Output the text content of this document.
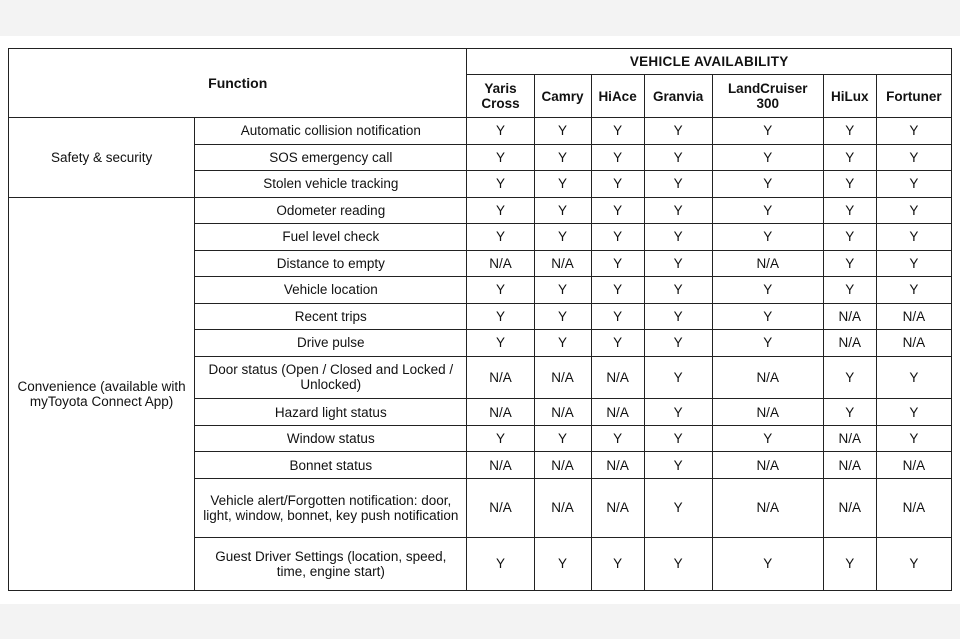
Function		VEHICLE AVAILABILITY						
		Yaris Cross	Camry	HiAce	Granvia	LandCruiser 300	HiLux	Fortuner
Safety & security	Automatic collision notification	Y	Y	Y	Y	Y	Y	Y
	SOS emergency call	Y	Y	Y	Y	Y	Y	Y
	Stolen vehicle tracking	Y	Y	Y	Y	Y	Y	Y
Convenience (available with myToyota Connect App)	Odometer reading	Y	Y	Y	Y	Y	Y	Y
	Fuel level check	Y	Y	Y	Y	Y	Y	Y
	Distance to empty	N/A	N/A	Y	Y	N/A	Y	Y
	Vehicle location	Y	Y	Y	Y	Y	Y	Y
	Recent trips	Y	Y	Y	Y	Y	N/A	N/A
	Drive pulse	Y	Y	Y	Y	Y	N/A	N/A
	Door status (Open / Closed and Locked / Unlocked)	N/A	N/A	N/A	Y	N/A	Y	Y
	Hazard light status	N/A	N/A	N/A	Y	N/A	Y	Y
	Window status	Y	Y	Y	Y	Y	N/A	Y
	Bonnet status	N/A	N/A	N/A	Y	N/A	N/A	N/A
	Vehicle alert/Forgotten notification: door, light, window, bonnet, key push notification	N/A	N/A	N/A	Y	N/A	N/A	N/A
	Guest Driver Settings (location, speed, time, engine start)	Y	Y	Y	Y	Y	Y	Y
